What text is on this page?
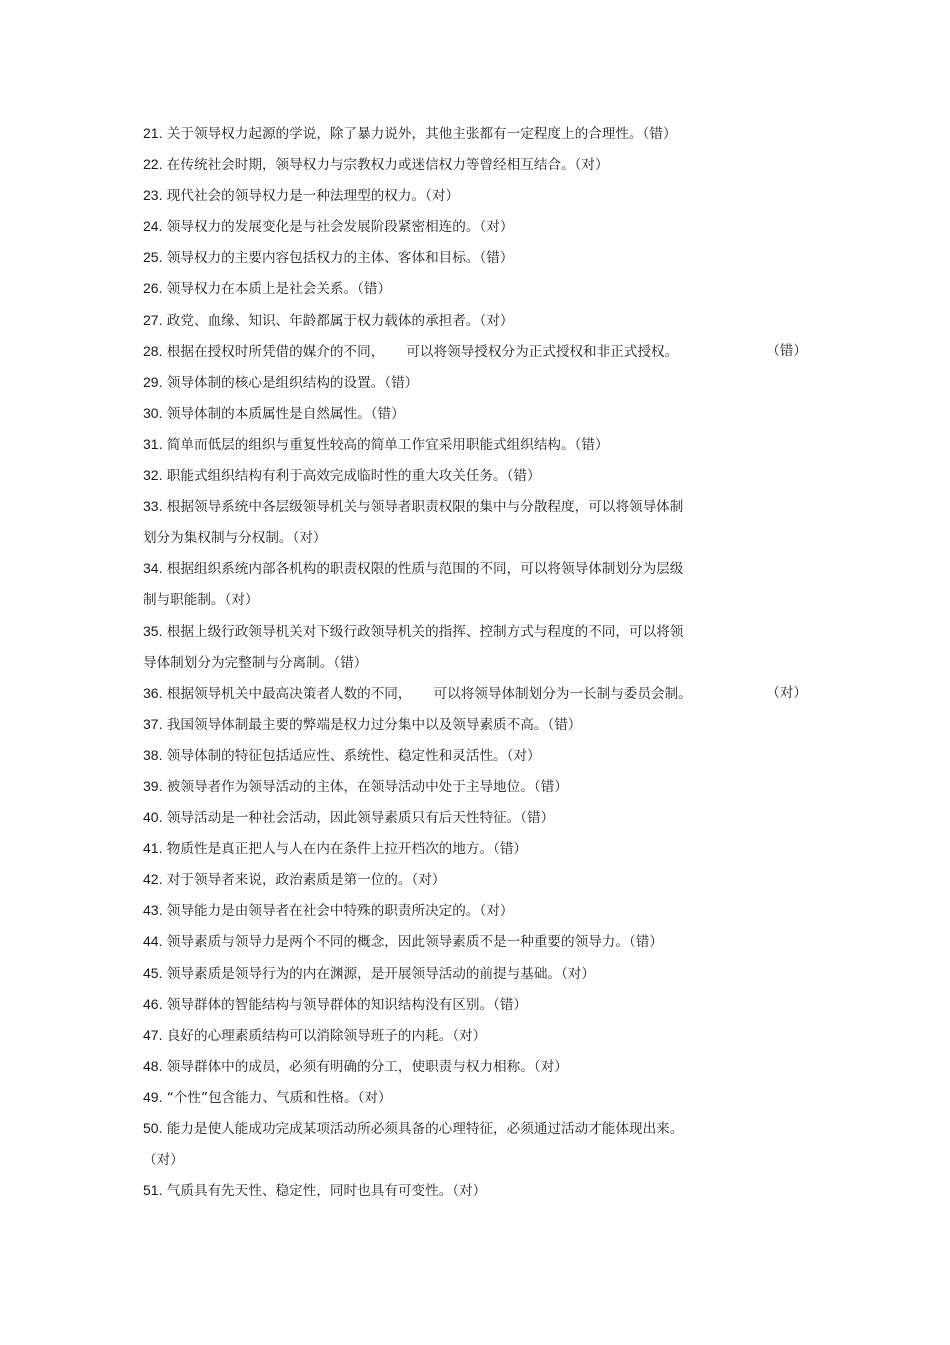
21. 关于领导权力起源的学说，除了暴力说外，其他主张都有一定程度上的合理性。（错）
22. 在传统社会时期，领导权力与宗教权力或迷信权力等曾经相互结合。（对）
23. 现代社会的领导权力是一种法理型的权力。（对）
24. 领导权力的发展变化是与社会发展阶段紧密相连的。（对）
25. 领导权力的主要内容包括权力的主体、客体和目标。（错）
26. 领导权力在本质上是社会关系。（错）
27. 政党、血缘、知识、年龄都属于权力载体的承担者。（对）
28. 根据在授权时所凭借的媒介的不同， 可以将领导授权分为正式授权和非正式授权。	（错）
29. 领导体制的核心是组织结构的设置。（错）
30. 领导体制的本质属性是自然属性。（错）
31. 简单而低层的组织与重复性较高的简单工作宜采用职能式组织结构。（错）
32. 职能式组织结构有利于高效完成临时性的重大攻关任务。（错）
33. 根据领导系统中各层级领导机关与领导者职责权限的集中与分散程度，可以将领导体制
划分为集权制与分权制。（对）
34. 根据组织系统内部各机构的职责权限的性质与范围的不同，可以将领导体制划分为层级
制与职能制。（对）
35. 根据上级行政领导机关对下级行政领导机关的指挥、控制方式与程度的不同，可以将领
导体制划分为完整制与分离制。（错）
36. 根据领导机关中最高决策者人数的不同， 可以将领导体制划分为一长制与委员会制。	（对）
37. 我国领导体制最主要的弊端是权力过分集中以及领导素质不高。（错）
38. 领导体制的特征包括适应性、系统性、稳定性和灵活性。（对）
39. 被领导者作为领导活动的主体，在领导活动中处于主导地位。（错）
40. 领导活动是一种社会活动，因此领导素质只有后天性特征。（错）
41. 物质性是真正把人与人在内在条件上拉开档次的地方。（错）
42. 对于领导者来说，政治素质是第一位的。（对）
43. 领导能力是由领导者在社会中特殊的职责所决定的。（对）
44. 领导素质与领导力是两个不同的概念，因此领导素质不是一种重要的领导力。（错）
45. 领导素质是领导行为的内在渊源，是开展领导活动的前提与基础。（对）
46. 领导群体的智能结构与领导群体的知识结构没有区别。（错）
47. 良好的心理素质结构可以消除领导班子的内耗。（对）
48. 领导群体中的成员，必须有明确的分工，使职责与权力相称。（对）
49. “个性”包含能力、气质和性格。（对）
50. 能力是使人能成功完成某项活动所必须具备的心理特征，必须通过活动才能体现出来。
（对）
51. 气质具有先天性、稳定性，同时也具有可变性。（对）
